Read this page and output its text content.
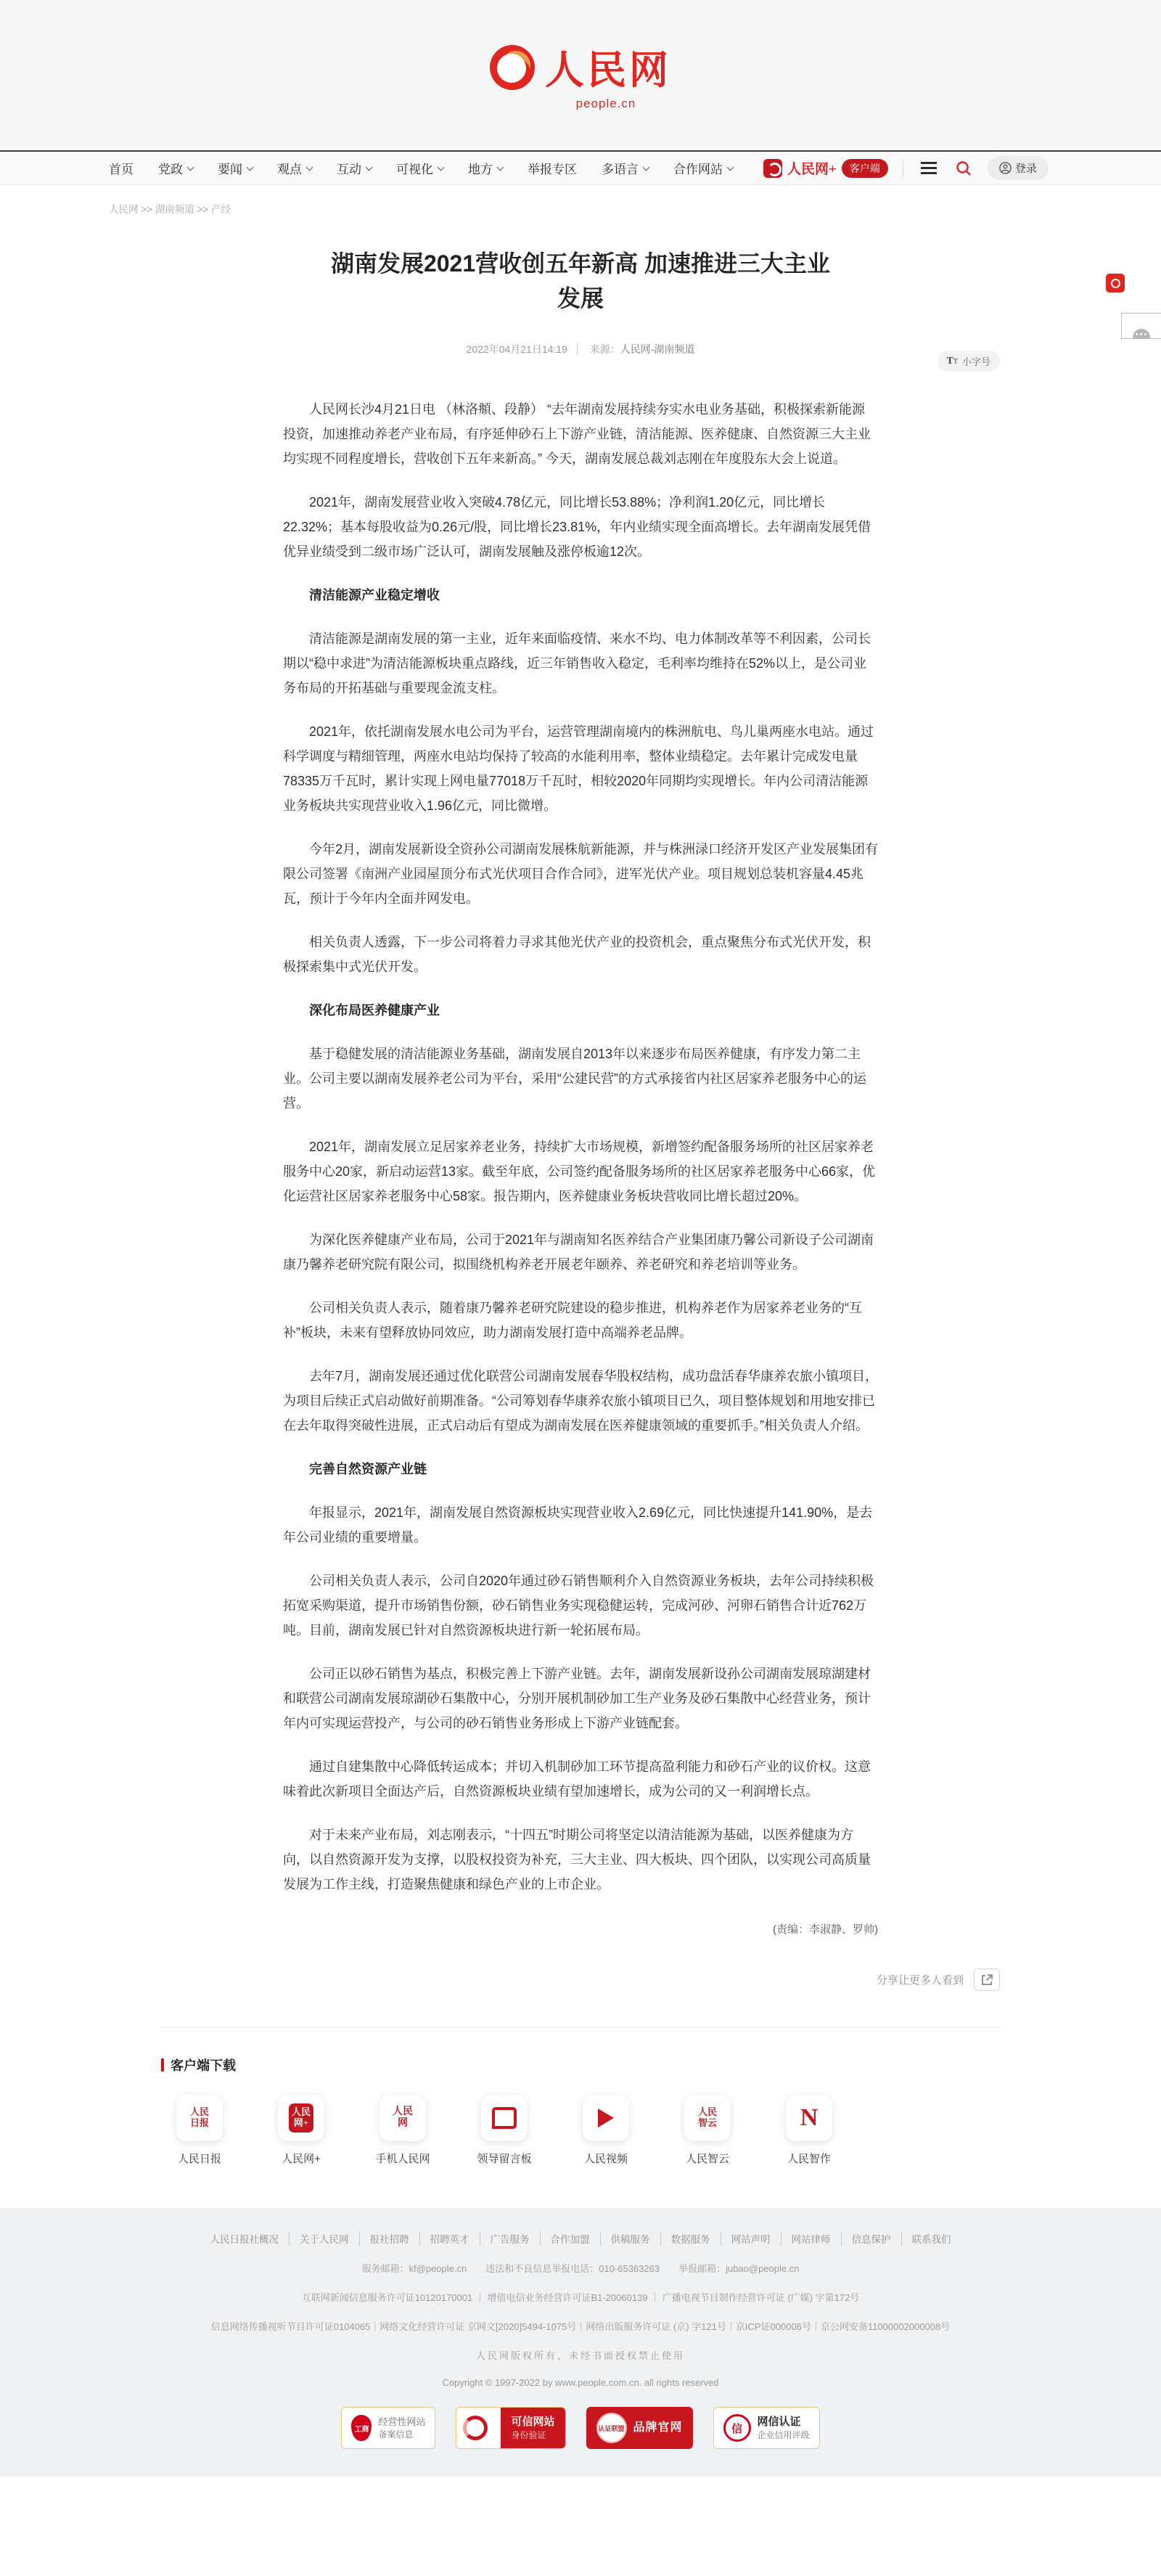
人民网
people.cn
首页 党政	要闻	观点	互动	可视化	地方	举报专区 多语言	合作网站	人民网+	客户端	登录
人民网 >> 湖南频道 >> 产经
湖南发展2021营收创五年新高 加速推进三大主业发展
2022年04月21日14:19 来源：人民网-湖南频道
TT 小字号

人民网长沙4月21日电 （林洛頫、段静） “去年湖南发展持续夯实水电业务基础，积极探索新能源投资，加速推动养老产业布局，有序延伸砂石上下游产业链，清洁能源、医养健康、自然资源三大主业均实现不同程度增长，营收创下五年来新高。” 今天，湖南发展总裁刘志刚在年度股东大会上说道。

2021年，湖南发展营业收入突破4.78亿元，同比增长53.88%；净利润1.20亿元，同比增长22.32%；基本每股收益为0.26元/股，同比增长23.81%，年内业绩实现全面高增长。去年湖南发展凭借优异业绩受到二级市场广泛认可，湖南发展触及涨停板逾12次。

清洁能源产业稳定增收

清洁能源是湖南发展的第一主业，近年来面临疫情、来水不均、电力体制改革等不利因素，公司长期以“稳中求进”为清洁能源板块重点路线，近三年销售收入稳定，毛利率均维持在52%以上，是公司业务布局的开拓基础与重要现金流支柱。

2021年，依托湖南发展水电公司为平台，运营管理湖南境内的株洲航电、鸟儿巢两座水电站。通过科学调度与精细管理，两座水电站均保持了较高的水能利用率，整体业绩稳定。去年累计完成发电量78335万千瓦时，累计实现上网电量77018万千瓦时，相较2020年同期均实现增长。年内公司清洁能源业务板块共实现营业收入1.96亿元，同比微增。

今年2月，湖南发展新设全资孙公司湖南发展株航新能源，并与株洲渌口经济开发区产业发展集团有限公司签署《南洲产业园屋顶分布式光伏项目合作合同》，进军光伏产业。项目规划总装机容量4.45兆瓦，预计于今年内全面并网发电。

相关负责人透露，下一步公司将着力寻求其他光伏产业的投资机会，重点聚焦分布式光伏开发，积极探索集中式光伏开发。

深化布局医养健康产业

基于稳健发展的清洁能源业务基础，湖南发展自2013年以来逐步布局医养健康，有序发力第二主业。公司主要以湖南发展养老公司为平台，采用“公建民营”的方式承接省内社区居家养老服务中心的运营。

2021年，湖南发展立足居家养老业务，持续扩大市场规模，新增签约配备服务场所的社区居家养老服务中心20家，新启动运营13家。截至年底，公司签约配备服务场所的社区居家养老服务中心66家，优化运营社区居家养老服务中心58家。报告期内，医养健康业务板块营收同比增长超过20%。

为深化医养健康产业布局，公司于2021年与湖南知名医养结合产业集团康乃馨公司新设子公司湖南康乃馨养老研究院有限公司，拟围绕机构养老开展老年颐养、养老研究和养老培训等业务。

公司相关负责人表示，随着康乃馨养老研究院建设的稳步推进，机构养老作为居家养老业务的“互补”板块，未来有望释放协同效应，助力湖南发展打造中高端养老品牌。

去年7月，湖南发展还通过优化联营公司湖南发展春华股权结构，成功盘活春华康养农旅小镇项目，为项目后续正式启动做好前期准备。“公司筹划春华康养农旅小镇项目已久，项目整体规划和用地安排已在去年取得突破性进展，正式启动后有望成为湖南发展在医养健康领域的重要抓手。”相关负责人介绍。

完善自然资源产业链

年报显示，2021年，湖南发展自然资源板块实现营业收入2.69亿元，同比快速提升141.90%，是去年公司业绩的重要增量。

公司相关负责人表示，公司自2020年通过砂石销售顺利介入自然资源业务板块，去年公司持续积极拓宽采购渠道，提升市场销售份额，砂石销售业务实现稳健运转，完成河砂、河卵石销售合计近762万吨。目前，湖南发展已针对自然资源板块进行新一轮拓展布局。

公司正以砂石销售为基点，积极完善上下游产业链。去年，湖南发展新设孙公司湖南发展琼湖建材和联营公司湖南发展琼湖砂石集散中心，分别开展机制砂加工生产业务及砂石集散中心经营业务，预计年内可实现运营投产，与公司的砂石销售业务形成上下游产业链配套。

通过自建集散中心降低转运成本；并切入机制砂加工环节提高盈利能力和砂石产业的议价权。这意味着此次新项目全面达产后，自然资源板块业绩有望加速增长，成为公司的又一利润增长点。

对于未来产业布局，刘志刚表示，“十四五”时期公司将坚定以清洁能源为基础，以医养健康为方向，以自然资源开发为支撑，以股权投资为补充，三大主业、四大板块、四个团队，以实现公司高质量发展为工作主线，打造聚焦健康和绿色产业的上市企业。

(责编：李淑静、罗帅)
分享让更多人看到
客户端下载
人民日报
人民日报
人民网+
人民网+
人民网
手机人民网	领导留言板	人民视频
人民智云
人民智云
N
人民智作
人民日报社概况	关于人民网	报社招聘	招聘英才	广告服务	合作加盟	供稿服务	数据服务	网站声明	网站律师	信息保护	联系我们

服务邮箱：kf@people.cn　　违法和不良信息举报电话：010-65363263　　举报邮箱：jubao@people.cn

互联网新闻信息服务许可证10120170001 ｜ 增值电信业务经营许可证B1-20060139 ｜ 广播电视节目制作经营许可证 (广媒) 字第172号

信息网络传播视听节目许可证0104065｜网络文化经营许可证 京网文[2020]5494-1075号｜网络出版服务许可证 (京) 字121号｜京ICP证000006号｜京公网安备11000002000008号

人民网版权所有，未经书面授权禁止使用

Copyright © 1997-2022 by www.people.com.cn. all rights reserved

工商
经营性网站
备案信息
可信网站
身份验证
认证联盟 品牌官网	信
网信认证
企业信用评级
